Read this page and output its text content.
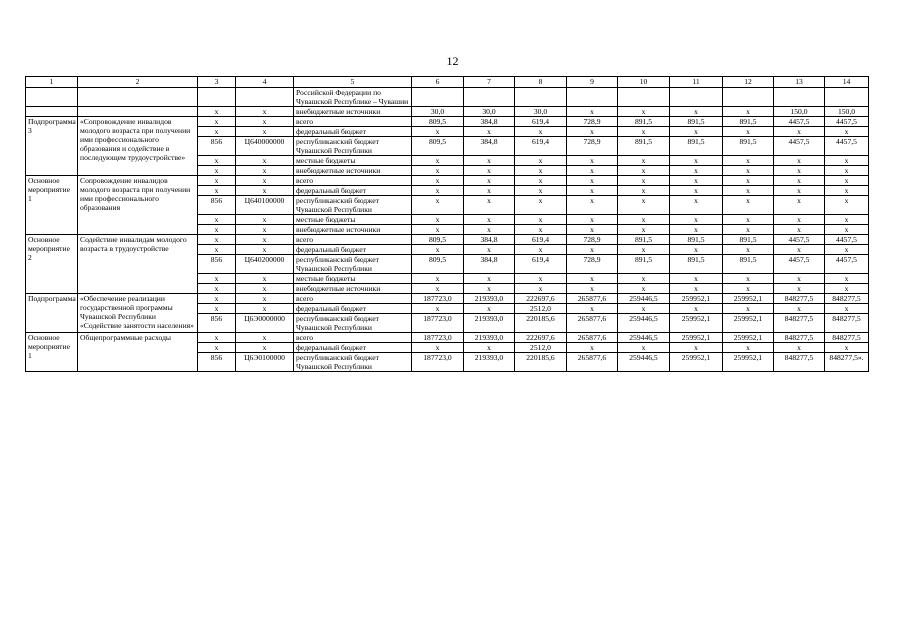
12
1	2	3	4	5	6	7	8	9	10	11	12	13	14
				Российской Федерации по Чувашской Республике – Чувашии									
		x	x	внебюджетные источники	30,0	30,0	30,0	x	x	x	x	150,0	150,0
Подпрограмма 3	«Сопровождение инвалидов молодого возраста при получении ими профессионального образования и содействие в последующем трудоустройстве»	x	x	всего	809,5	384,8	619,4	728,9	891,5	891,5	891,5	4457,5	4457,5
		x	x	федеральный бюджет	x	x	x	x	x	x	x	x	x
		856	Ц640000000	республиканский бюджет Чувашской Республики	809,5	384,8	619,4	728,9	891,5	891,5	891,5	4457,5	4457,5
		x	x	местные бюджеты	x	x	x	x	x	x	x	x	x
		x	x	внебюджетные источники	x	x	x	x	x	x	x	x	x
Основное мероприятие 1	Сопровождение инвалидов молодого возраста при получении ими профессионального образования	x	x	всего	x	x	x	x	x	x	x	x	x
		x	x	федеральный бюджет	x	x	x	x	x	x	x	x	x
		856	Ц640100000	республиканский бюджет Чувашской Республики	x	x	x	x	x	x	x	x	x
		x	x	местные бюджеты	x	x	x	x	x	x	x	x	x
		x	x	внебюджетные источники	x	x	x	x	x	x	x	x	x
Основное мероприятие 2	Содействие инвалидам молодого возраста в трудоустройстве	x	x	всего	809,5	384,8	619,4	728,9	891,5	891,5	891,5	4457,5	4457,5
		x	x	федеральный бюджет	x	x	x	x	x	x	x	x	x
		856	Ц640200000	республиканский бюджет Чувашской Республики	809,5	384,8	619,4	728,9	891,5	891,5	891,5	4457,5	4457,5
		x	x	местные бюджеты	x	x	x	x	x	x	x	x	x
		x	x	внебюджетные источники	x	x	x	x	x	x	x	x	x
Подпрограмма	«Обеспечение реализации государственной программы Чувашской Республики «Содействие занятости населения»	x	x	всего	187723,0	219393,0	222697,6	265877,6	259446,5	259952,1	259952,1	848277,5	848277,5
		x	x	федеральный бюджет	x	x	2512,0	x	x	x	x	x	x
		856	Ц6Э0000000	республиканский бюджет Чувашской Республики	187723,0	219393,0	220185,6	265877,6	259446,5	259952,1	259952,1	848277,5	848277,5
Основное мероприятие 1	Общепрограммные расходы	x	x	всего	187723,0	219393,0	222697,6	265877,6	259446,5	259952,1	259952,1	848277,5	848277,5
		x	x	федеральный бюджет	x	x	2512,0	x	x	x	x	x	x
		856	Ц6Э0100000	республиканский бюджет Чувашской Республики	187723,0	219393,0	220185,6	265877,6	259446,5	259952,1	259952,1	848277,5	848277,5».
